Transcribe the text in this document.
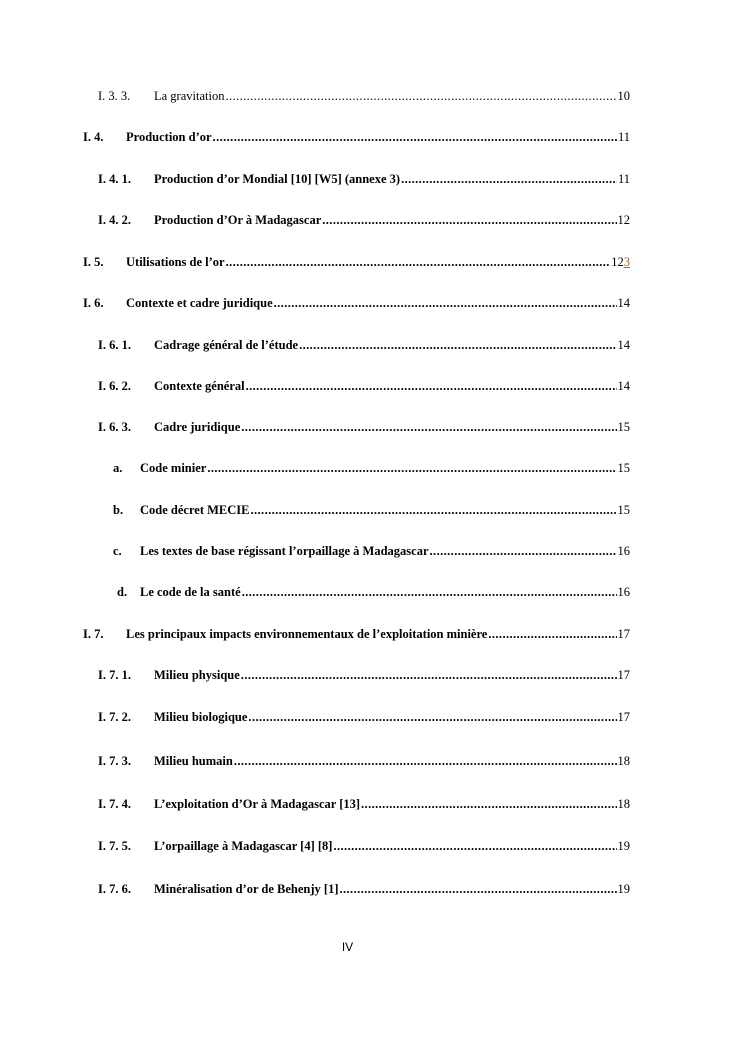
I. 3. 3.	La gravitation .....	10
I. 4.	Production d’or .....	11
I. 4. 1.	Production d’or Mondial [10] [W5] (annexe 3) .....	11
I. 4. 2.	Production d’Or à Madagascar .....	12
I. 5.	Utilisations de l’or .....	123
I. 6.	Contexte et cadre juridique .....	14
I. 6. 1.	Cadrage général de l’étude .....	14
I. 6. 2.	Contexte général .....	14
I. 6. 3.	Cadre juridique .....	15
a.	Code minier .....	15
b.	Code décret MECIE .....	15
c.	Les textes de base régissant l’orpaillage à Madagascar .....	16
d.	Le code de la santé .....	16
I. 7.	Les principaux impacts environnementaux de l’exploitation minière .....	17
I. 7. 1.	Milieu physique .....	17
I. 7. 2.	Milieu biologique .....	17
I. 7. 3.	Milieu humain .....	18
I. 7. 4.	L’exploitation d’Or à Madagascar [13] .....	18
I. 7. 5.	L’orpaillage à Madagascar [4] [8] .....	19
I. 7. 6.	Minéralisation d’or de Behenjy [1] .....	19
IV
